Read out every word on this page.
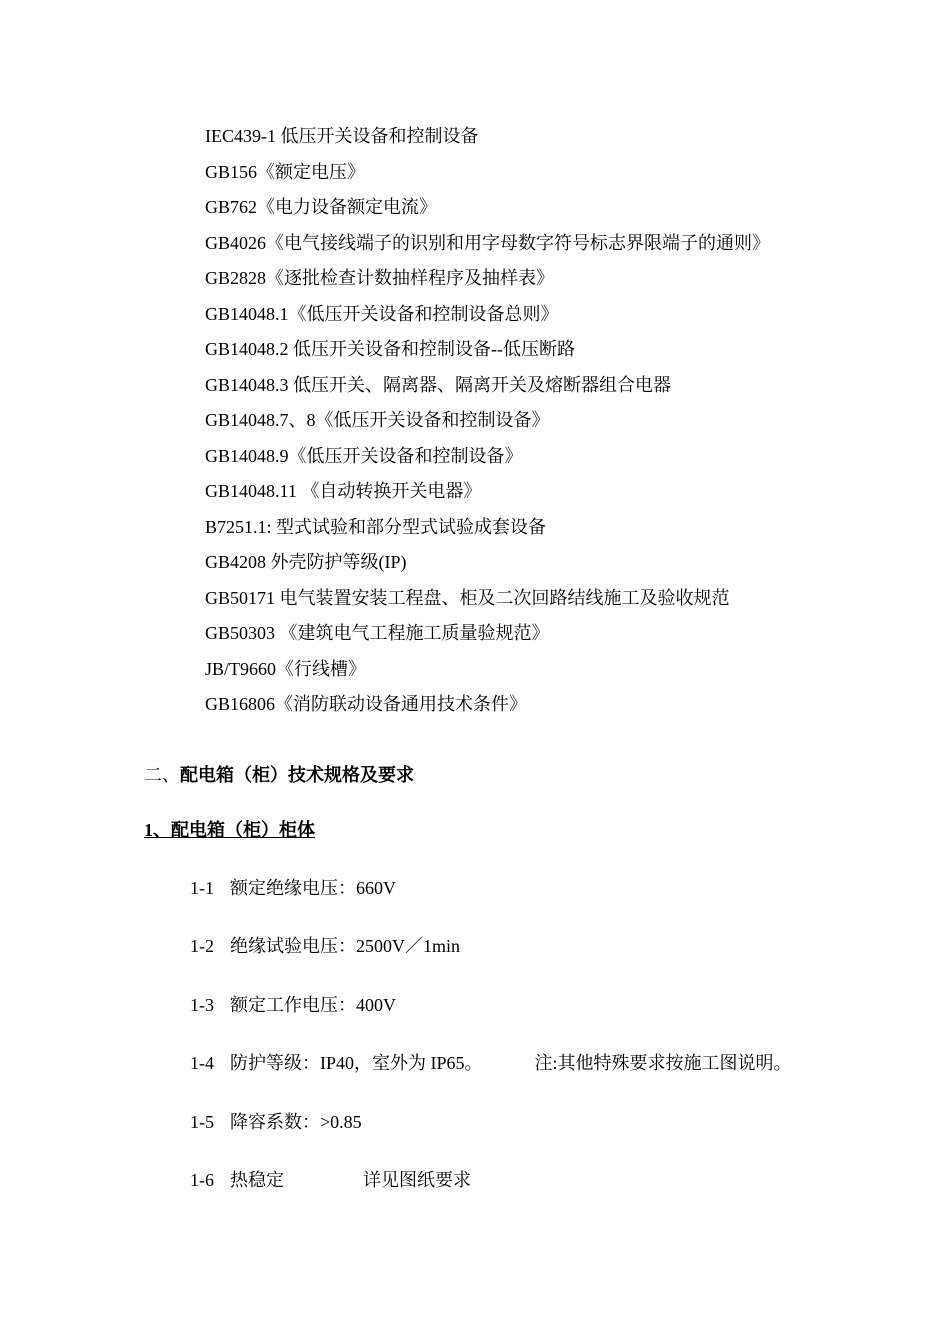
IEC439-1 低压开关设备和控制设备
GB156《额定电压》
GB762《电力设备额定电流》
GB4026《电气接线端子的识别和用字母数字符号标志界限端子的通则》
GB2828《逐批检查计数抽样程序及抽样表》
GB14048.1《低压开关设备和控制设备总则》
GB14048.2 低压开关设备和控制设备--低压断路
GB14048.3 低压开关、隔离器、隔离开关及熔断器组合电器
GB14048.7、8《低压开关设备和控制设备》
GB14048.9《低压开关设备和控制设备》
GB14048.11 《自动转换开关电器》
B7251.1: 型式试验和部分型式试验成套设备
GB4208 外壳防护等级(IP)
GB50171 电气装置安装工程盘、柜及二次回路结线施工及验收规范
GB50303 《建筑电气工程施工质量验规范》
JB/T9660《行线槽》
GB16806《消防联动设备通用技术条件》
二、配电箱（柜）技术规格及要求
1、配电箱（柜）柜体
1-1 额定绝缘电压：660V
1-2 绝缘试验电压：2500V／1min
1-3 额定工作电压：400V
1-4 防护等级：IP40，室外为 IP65。	注:其他特殊要求按施工图说明。
1-5 降容系数：>0.85
1-6 热稳定	详见图纸要求
